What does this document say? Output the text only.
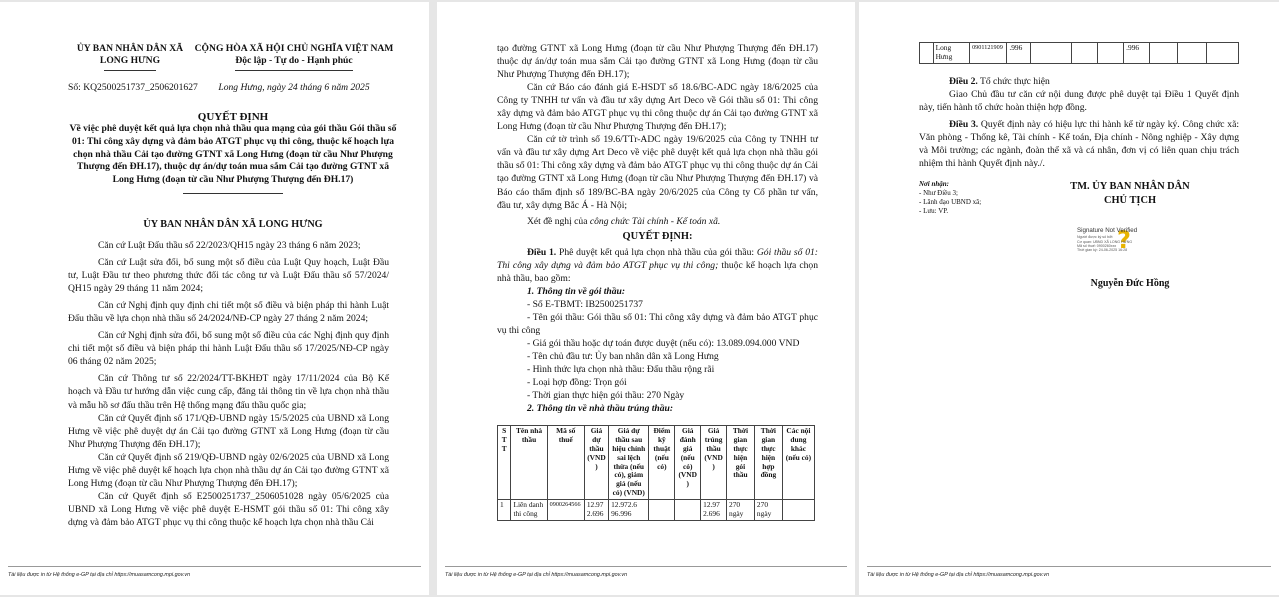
ỦY BAN NHÂN DÂN XÃ
LONG HƯNG
CỘNG HÒA XÃ HỘI CHỦ NGHĨA VIỆT NAM
Độc lập - Tự do - Hạnh phúc
Số: KQ2500251737_2506201627	Long Hưng, ngày 24 tháng 6 năm 2025
QUYẾT ĐỊNH
Về việc phê duyệt kết quả lựa chọn nhà thầu qua mạng của gói thầu Gói thầu số 01: Thi công xây dựng và đảm bảo ATGT phục vụ thi công, thuộc kế hoạch lựa chọn nhà thầu Cải tạo đường GTNT xã Long Hưng (đoạn từ cầu Như Phượng Thượng đến ĐH.17), thuộc dự án/dự toán mua sắm Cải tạo đường GTNT xã Long Hưng (đoạn từ cầu Như Phượng Thượng đến ĐH.17)
ỦY BAN NHÂN DÂN XÃ LONG HƯNG

Căn cứ Luật Đấu thầu số 22/2023/QH15 ngày 23 tháng 6 năm 2023;

Căn cứ Luật sửa đổi, bổ sung một số điều của Luật Quy hoạch, Luật Đầu tư, Luật Đầu tư theo phương thức đối tác công tư và Luật Đấu thầu số 57/2024/ QH15 ngày 29 tháng 11 năm 2024;

Căn cứ Nghị định quy định chi tiết một số điều và biện pháp thi hành Luật Đấu thầu về lựa chọn nhà thầu số 24/2024/NĐ-CP ngày 27 tháng 2 năm 2024;

Căn cứ Nghị định sửa đổi, bổ sung một số điều của các Nghị định quy định chi tiết một số điều và biện pháp thi hành Luật Đấu thầu số 17/2025/NĐ-CP ngày 06 tháng 02 năm 2025;

Căn cứ Thông tư số 22/2024/TT-BKHĐT ngày 17/11/2024 của Bộ Kế hoạch và Đầu tư hướng dẫn việc cung cấp, đăng tải thông tin về lựa chọn nhà thầu và mẫu hồ sơ đấu thầu trên Hệ thống mạng đấu thầu quốc gia;

Căn cứ Quyết định số 171/QĐ-UBND ngày 15/5/2025 của UBND xã Long Hưng về việc phê duyệt dự án Cải tạo đường GTNT xã Long Hưng (đoạn từ cầu Như Phượng Thượng đến ĐH.17);

Căn cứ Quyết định số 219/QĐ-UBND ngày 02/6/2025 của UBND xã Long Hưng về việc phê duyệt kế hoạch lựa chọn nhà thầu dự án Cải tạo đường GTNT xã Long Hưng (đoạn từ cầu Như Phượng Thượng đến ĐH.17);

Căn cứ Quyết định số E2500251737_2506051028 ngày 05/6/2025 của UBND xã Long Hưng về việc phê duyệt E-HSMT gói thầu số 01: Thi công xây dựng và đảm bảo ATGT phục vụ thi công thuộc kế hoạch lựa chọn nhà thầu Cải

Tài liệu được in từ Hệ thống e-GP tại địa chỉ https://muasamcong.mpi.gov.vn

tạo đường GTNT xã Long Hưng (đoạn từ cầu Như Phượng Thượng đến ĐH.17) thuộc dự án/dự toán mua sắm Cải tạo đường GTNT xã Long Hưng (đoạn từ cầu Như Phượng Thượng đến ĐH.17);

Căn cứ Báo cáo đánh giá E-HSDT số 18.6/BC-ADC ngày 18/6/2025 của Công ty TNHH tư vấn và đầu tư xây dựng Art Deco về Gói thầu số 01: Thi công xây dựng và đảm bảo ATGT phục vụ thi công thuộc dự án Cải tạo đường GTNT xã Long Hưng (đoạn từ cầu Như Phượng Thượng đến ĐH.17);

Căn cứ tờ trình số 19.6/TTr-ADC ngày 19/6/2025 của Công ty TNHH tư vấn và đầu tư xây dựng Art Deco về việc phê duyệt kết quả lựa chọn nhà thầu gói thầu số 01: Thi công xây dựng và đảm bảo ATGT phục vụ thi công thuộc dự án Cải tạo đường GTNT xã Long Hưng (đoạn từ cầu Như Phượng Thượng đến ĐH.17) và Báo cáo thẩm định số 189/BC-BA ngày 20/6/2025 của Công ty Cổ phần tư vấn, đầu tư, xây dựng Bắc Á - Hà Nội;

Xét đề nghị của công chức Tài chính - Kế toán xã.

QUYẾT ĐỊNH:

Điều 1. Phê duyệt kết quả lựa chọn nhà thầu của gói thầu: Gói thầu số 01: Thi công xây dựng và đảm bảo ATGT phục vụ thi công; thuộc kế hoạch lựa chọn nhà thầu, bao gồm:

1. Thông tin về gói thầu:

- Số E-TBMT: IB2500251737

- Tên gói thầu: Gói thầu số 01: Thi công xây dựng và đảm bảo ATGT phục vụ thi công

- Giá gói thầu hoặc dự toán được duyệt (nếu có): 13.089.094.000 VND

- Tên chủ đầu tư: Ủy ban nhân dân xã Long Hưng

- Hình thức lựa chọn nhà thầu: Đấu thầu rộng rãi

- Loại hợp đồng: Trọn gói

- Thời gian thực hiện gói thầu: 270 Ngày

2. Thông tin về nhà thầu trúng thầu:

S T T	Tên nhà thầu	Mã số thuế	Giá dự thầu (VND )	Giá dự thầu sau hiệu chỉnh sai lệch thừa (nếu có), giảm giá (nếu có) (VND)	Điểm kỹ thuật (nếu có)	Giá đánh giá (nếu có) (VND )	Giá trúng thầu (VND )	Thời gian thực hiện gói thầu	Thời gian thực hiện hợp đồng	Các nội dung khác (nếu có)
1	Liên danh thi công	0900264566	12.97 2.696	12.972.6 96.996			12.97 2.696	270 ngày	270 ngày	
Tài liệu được in từ Hệ thống e-GP tại địa chỉ https://muasamcong.mpi.gov.vn
	Long Hưng	0901121909	.996				.996			

Điều 2. Tổ chức thực hiện

Giao Chủ đầu tư căn cứ nội dung được phê duyệt tại Điều 1 Quyết định này, tiến hành tổ chức hoàn thiện hợp đồng.

Điều 3. Quyết định này có hiệu lực thi hành kể từ ngày ký. Công chức xã: Văn phòng - Thống kê, Tài chính - Kế toán, Địa chính - Nông nghiệp - Xây dựng và Môi trường; các ngành, đoàn thể xã và cá nhân, đơn vị có liên quan chịu trách nhiệm thi hành Quyết định này./.

Nơi nhận:
- Như Điều 3;
- Lãnh đạo UBND xã;
- Lưu: VP.
TM. ỦY BAN NHÂN DÂN
CHỦ TỊCH
?
Signature Not Verified
Người được ký số bởi:
Cơ quan: UBND XÃ LONG HƯNG
Mã số thuế: 0900260xxx
Thời gian ký: 24-06-2025 16:28
Nguyễn Đức Hồng
Tài liệu được in từ Hệ thống e-GP tại địa chỉ https://muasamcong.mpi.gov.vn
